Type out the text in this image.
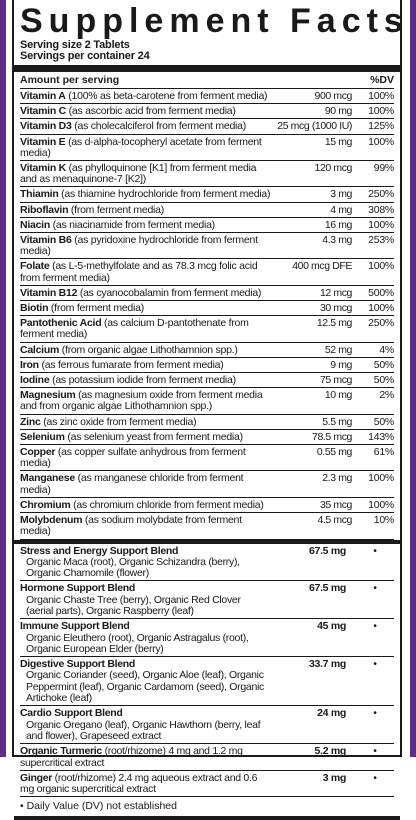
Supplement Facts
Serving size 2 Tablets
Servings per container 24
Amount per serving	%DV
Vitamin A (100% as beta-carotene from ferment media)	900 mcg	100%
Vitamin C (as ascorbic acid from ferment media)	90 mg	100%
Vitamin D3 (as cholecalciferol from ferment media)	25 mcg (1000 IU)	125%
Vitamin E (as d-alpha-tocopheryl acetate from ferment media)
15 mg	100%
Vitamin K (as phylloquinone [K1] from ferment media and as menaquinone-7 [K2])
120 mcg	99%
Thiamin (as thiamine hydrochloride from ferment media)	3 mg	250%
Riboflavin (from ferment media)	4 mg	308%
Niacin (as niacinamide from ferment media)	16 mg	100%
Vitamin B6 (as pyridoxine hydrochloride from ferment media)
4.3 mg	253%
Folate (as L-5-methylfolate and as 78.3 mcg folic acid from ferment media)
400 mcg DFE	100%
Vitamin B12 (as cyanocobalamin from ferment media)	12 mcg	500%
Biotin (from ferment media)	30 mcg	100%
Pantothenic Acid (as calcium D-pantothenate from ferment media)
12.5 mg	250%
Calcium (from organic algae Lithothamnion spp.)	52 mg	4%
Iron (as ferrous fumarate from ferment media)	9 mg	50%
Iodine (as potassium iodide from ferment media)	75 mcg	50%
Magnesium (as magnesium oxide from ferment media and from organic algae Lithothamnion spp.)
10 mg	2%
Zinc (as zinc oxide from ferment media)	5.5 mg	50%
Selenium (as selenium yeast from ferment media)	78.5 mcg	143%
Copper (as copper sulfate anhydrous from ferment media)
0.55 mg	61%
Manganese (as manganese chloride from ferment media)
2.3 mg	100%
Chromium (as chromium chloride from ferment media)	35 mcg	100%
Molybdenum (as sodium molybdate from ferment media)
4.5 mcg	10%
Stress and Energy Support Blend
Organic Maca (root), Organic Schizandra (berry), Organic Chamomile (flower)
67.5 mg	•
Hormone Support Blend
Organic Chaste Tree (berry), Organic Red Clover (aerial parts), Organic Raspberry (leaf)
67.5 mg	•
Immune Support Blend
Organic Eleuthero (root), Organic Astragalus (root), Organic European Elder (berry)
45 mg	•
Digestive Support Blend
Organic Coriander (seed), Organic Aloe (leaf), Organic Peppermint (leaf), Organic Cardamom (seed), Organic Artichoke (leaf)
33.7 mg	•
Cardio Support Blend
Organic Oregano (leaf), Organic Hawthorn (berry, leaf and flower), Grapeseed extract
24 mg	•
Organic Turmeric (root/rhizome) 4 mg and 1.2 mg supercritical extract
5.2 mg	•
Ginger (root/rhizome) 2.4 mg aqueous extract and 0.6 mg organic supercritical extract
3 mg	•
• Daily Value (DV) not established
